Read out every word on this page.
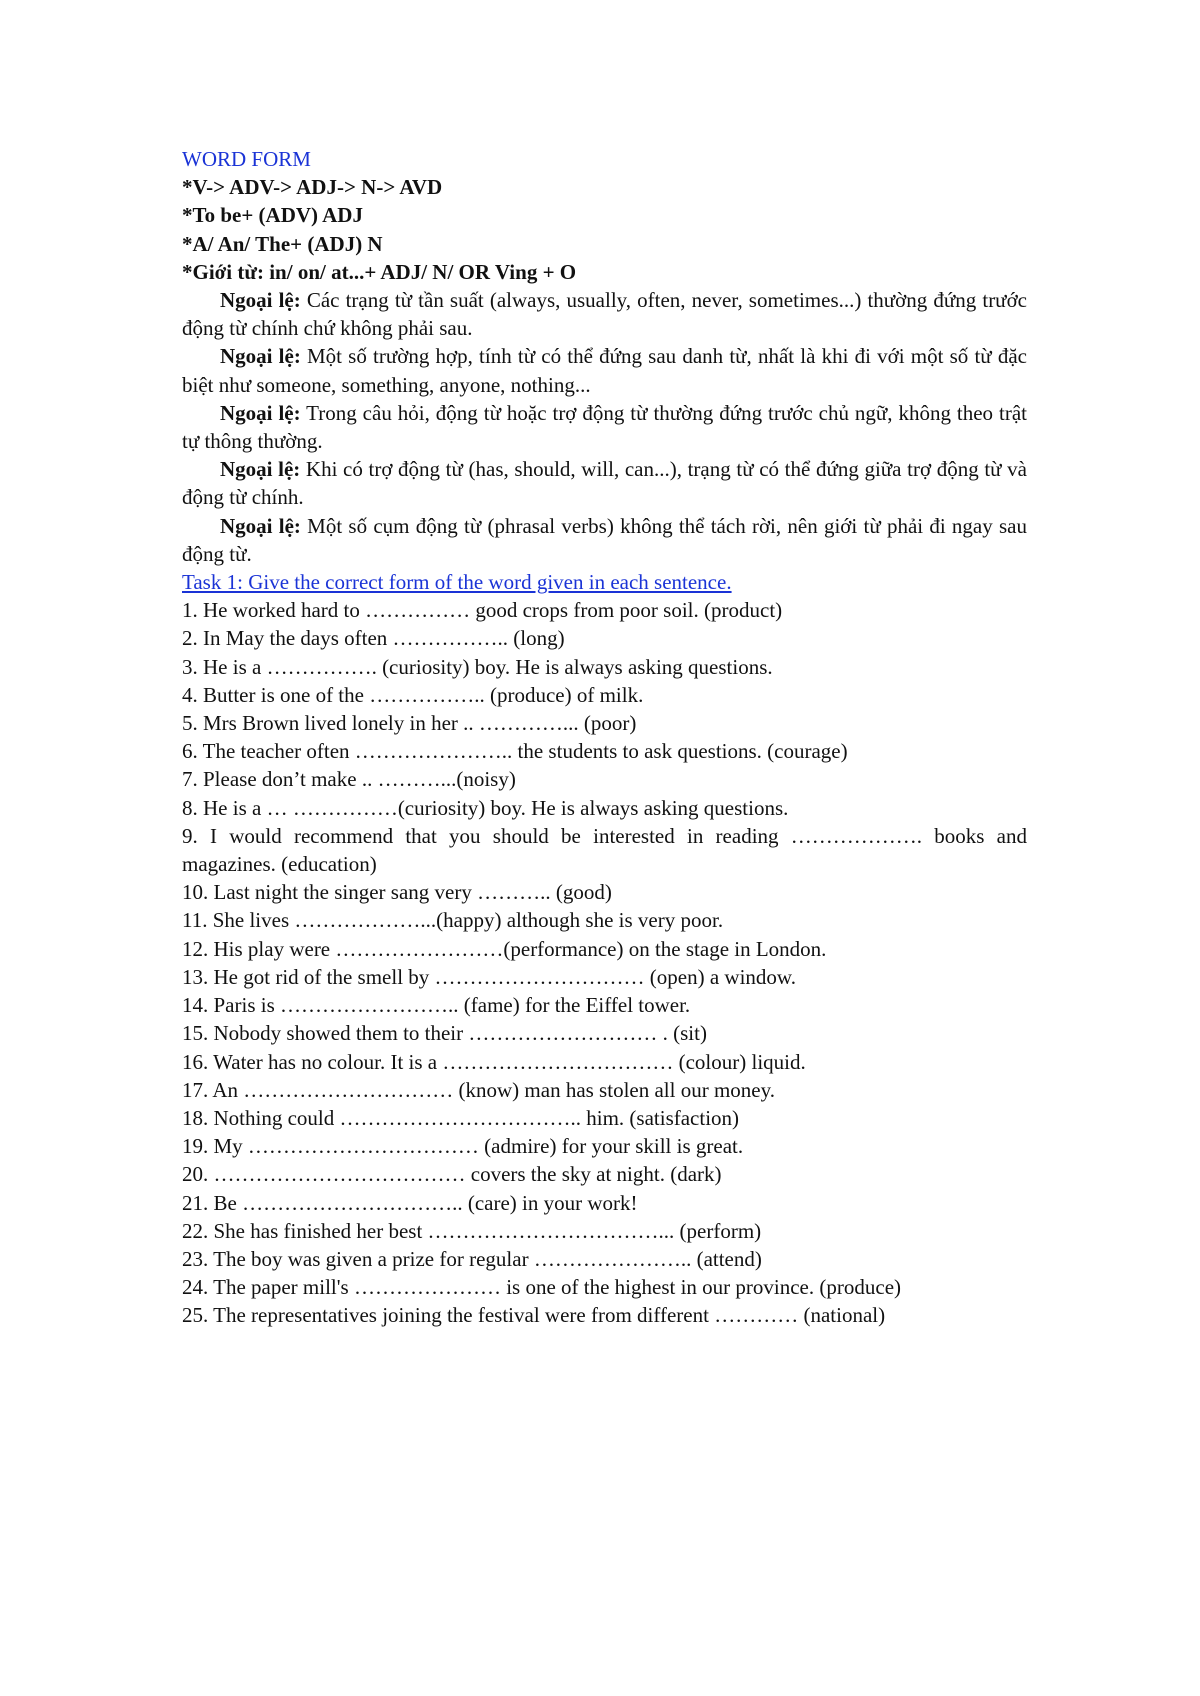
WORD FORM

*V-> ADV-> ADJ-> N-> AVD

*To be+ (ADV) ADJ

*A/ An/ The+ (ADJ) N

*Giới từ: in/ on/ at...+ ADJ/ N/ OR Ving + O

Ngoại lệ: Các trạng từ tần suất (always, usually, often, never, sometimes...) thường đứng trước động từ chính chứ không phải sau.

Ngoại lệ: Một số trường hợp, tính từ có thể đứng sau danh từ, nhất là khi đi với một số từ đặc biệt như someone, something, anyone, nothing...

Ngoại lệ: Trong câu hỏi, động từ hoặc trợ động từ thường đứng trước chủ ngữ, không theo trật tự thông thường.

Ngoại lệ: Khi có trợ động từ (has, should, will, can...), trạng từ có thể đứng giữa trợ động từ và động từ chính.

Ngoại lệ: Một số cụm động từ (phrasal verbs) không thể tách rời, nên giới từ phải đi ngay sau động từ.

Task 1: Give the correct form of the word given in each sentence.

1. He worked hard to …………… good crops from poor soil. (product)

2. In May the days often …………….. (long)

3. He is a ……………. (curiosity) boy. He is always asking questions.

4. Butter is one of the …………….. (produce) of milk.

5. Mrs Brown lived lonely in her .. …………... (poor)

6. The teacher often ………………….. the students to ask questions. (courage)

7. Please don’t make .. ………...(noisy)

8. He is a … ……………(curiosity) boy. He is always asking questions.

9. I would recommend that you should be interested in reading ………………. books and magazines. (education)

10. Last night the singer sang very ……….. (good)

11. She lives ………………...(happy) although she is very poor.

12. His play were ……………………(performance) on the stage in London.

13. He got rid of the smell by ………………………… (open) a window.

14. Paris is …………………….. (fame) for the Eiffel tower.

15. Nobody showed them to their ……………………… . (sit)

16. Water has no colour. It is a …………………………… (colour) liquid.

17. An ………………………… (know) man has stolen all our money.

18. Nothing could …………………………….. him. (satisfaction)

19. My …………………………… (admire) for your skill is great.

20. ……………………………… covers the sky at night. (dark)

21. Be ………………………….. (care) in your work!

22. She has finished her best ……………………………... (perform)

23. The boy was given a prize for regular ………………….. (attend)

24. The paper mill's ………………… is one of the highest in our province. (produce)

25. The representatives joining the festival were from different ………… (national)
